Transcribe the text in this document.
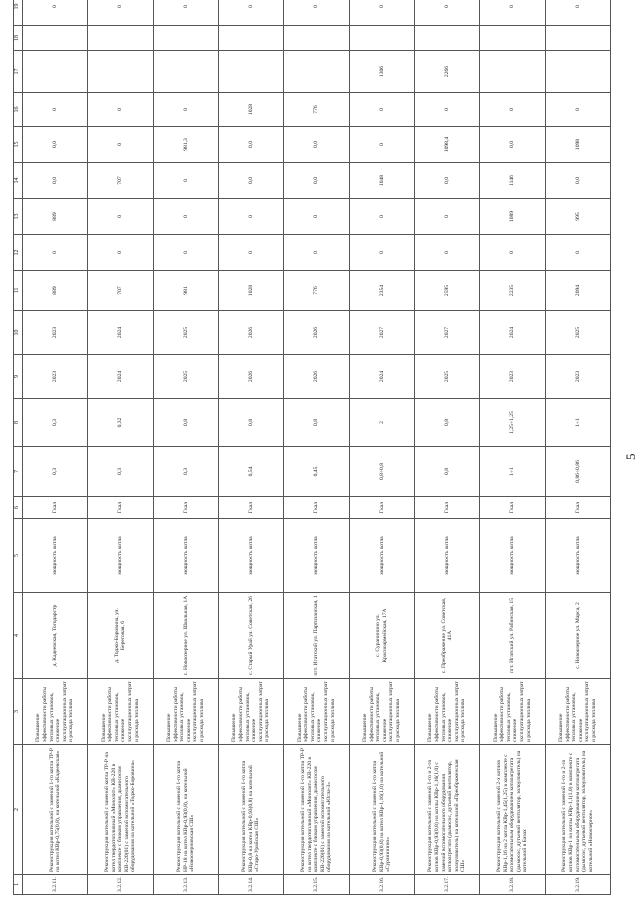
5
1	2	3	4	5	6	7	8	9	10	11	12	13	14	15	16	17	18	19
3.2.11.	Реконструкция котельной с заменой 1-го котла ТР-Р на котел КВр-0,75(0,8), на котельной «Кадеевская»	Повышение эффективности работы тепловых установок, снижение эксплуатационных затрат и расхода топлива	д. Кадеевская, Тогодарстр	мощность котла	Гкал	0,3	0,3	2023	2023	889	0	889	0,0	0,0	0			0
3.2.12.	Реконструкция котельной с заменой котла ТР-Р на котел твердотопливный «Монолит» КВ-220 в комплексе с блоком управления, дымососом КВ-220(01) с заменой вспомогательного оборудования на котельной «Тоджо-Боровина»	Повышение эффективности работы тепловых установок, снижение эксплуатационных затрат и расхода топлива	д. Тоджо-Боровина, ул. Береговая, 6	мощность котла	Гкал	0,3	0,32	2024	2024	707	0	0	707	0	0			0
3.2.13.	Реконструкция котельной с заменой 1-го котла НР-18 на котел КВр-0,93(0,8), на котельной «Новоозерновская СШ»	Повышение эффективности работы тепловых установок, снижение эксплуатационных затрат и расхода топлива	с. Новоозерное ул. Школьная, 1А	мощность котла	Гкал	0,3	0,8	2025	2025	981	0	0	0	981,3	0			0
3.2.14.	Реконструкция котельной с заменой 1-го котла КВр-0,8 на котел КВр-0,93(0,8) на котельной «Старо-Урайская СШ»	Повышение эффективности работы тепловых установок, снижение эксплуатационных затрат и расхода топлива	с. Старый Урай ул. Советская, 26	мощность котла	Гкал	0,54	0,8	2026	2026	1028	0	0	0,0	0,0	1028			0
3.2.15.	Реконструкция котельной с заменой 1-го котла ТР-Р на котел твердотопливный «Монолит» КВ-220 в комплекте с блоком управления, дымососом КВ-220(01) с заменой вспомогательного оборудования на котельной «Югла-3»	Повышение эффективности работы тепловых установок, снижение эксплуатационных затрат и расхода топлива	пгт. Игатский ул. Партизанская, 1	мощность котла	Гкал	0,45	0,8	2026	2026	776	0	0	0,0	0,0	776			0
3.2.16.	Реконструкция котельной с заменой 1-го котла КВр-0,93(0,8) на котел КВр-1,16(1,0) на котельной «Суранинино»	Повышение эффективности работы тепловых установок, снижение эксплуатационных затрат и расхода топлива	с. Суранинино ул. Красноармейская, 17А	мощность котла	Гкал	0,8÷0,8	2	2024	2027	2354	0	0	1048	0	0	1306		0
3.2.17.	Реконструкция котельной с заменой 1-го и 2-го котлов КВр-0,93(0,8) на котлы КВр-1,16(1,0) с заменой вспомогательного оборудования котлоагрегата (дымосос, дутьевой вентилятор, золоуловитель) на котельной «Преображенская СШ»	Повышение эффективности работы тепловых установок, снижение эксплуатационных затрат и расхода топлива	с. Преображение ул. Советская, 41А	мощность котла	Гкал	0,8	0,8	2025	2027	2595	0	0	0,0	1098,4	0	2266		0
3.2.18.	Реконструкция котельной с заменой 2-х котлов КВр-1,16 на 2 котла КВр-1,45(1,25) в комплекте с вспомогательным оборудованием котлоагрегата (дымосос, дутьевой вентилятор, золоуловитель) на котельной в Базах	Повышение эффективности работы тепловых установок, снижение эксплуатационных затрат и расхода топлива	пгт. Игатский ул. Рабинская, 15	мощность котла	Гкал	1÷1	1,25÷1,25	2023	2024	2235	0	1089	1146	0,0	0			0
3.2.19.	Реконструкция котельной с заменой 1-го и 2-го котлов КВр-1 на котлы КВр-1,1(1,0) в комплекте с вспомогательным оборудованием котлоагрегата (дымосос, дутьевой вентилятор, золоуловитель) на котельной «Новоозерное»	Повышение эффективности работы тепловых установок, снижение эксплуатационных затрат и расхода топлива	с. Новоозерное ул. Марса, 2	мощность котла	Гкал	0,86÷0,86	1÷1	2023	2025	2094	0	995	0,0	1098	0			0
